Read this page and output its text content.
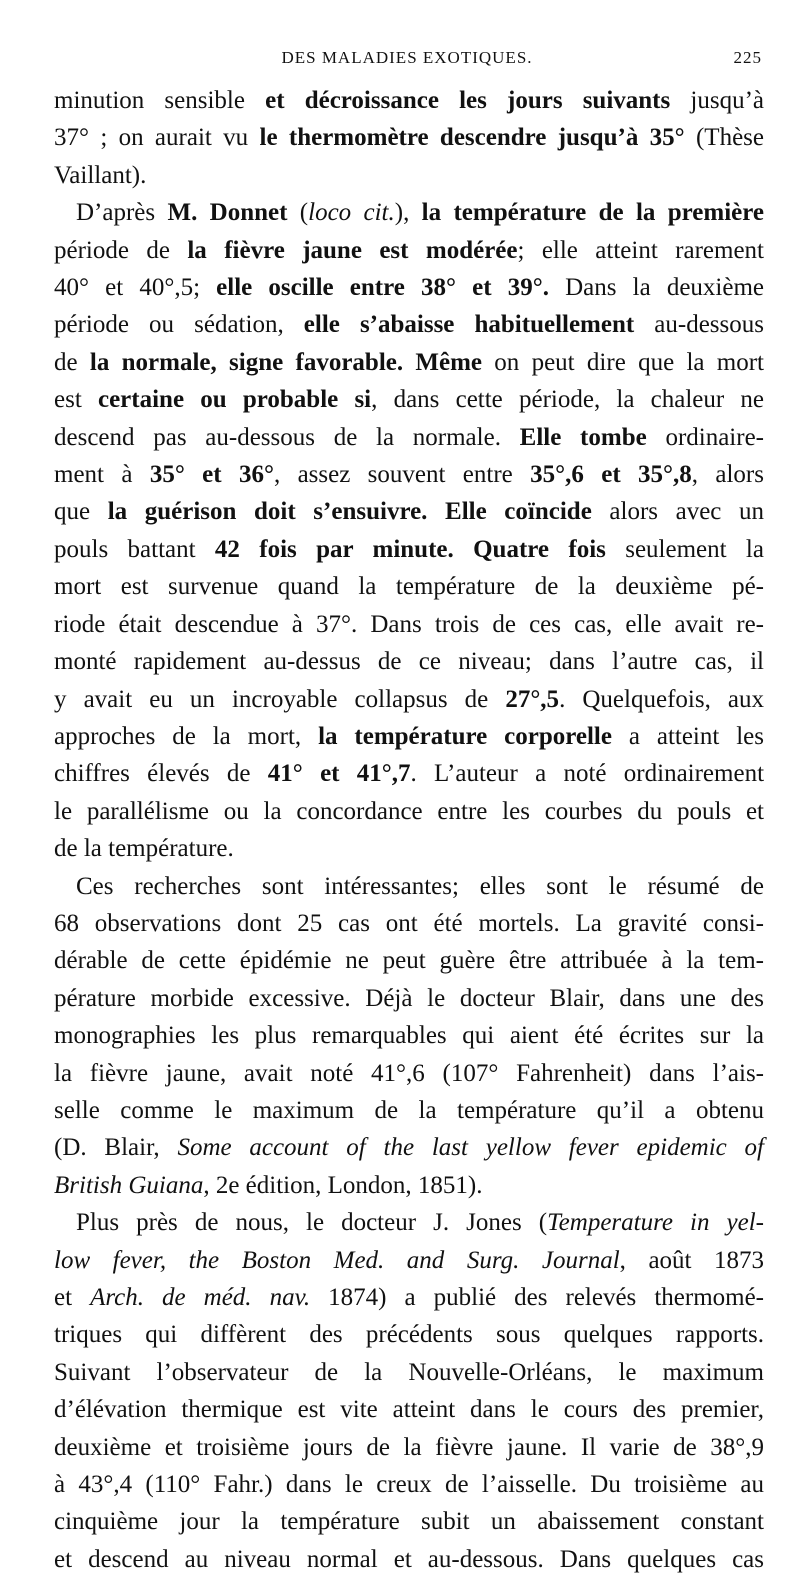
DES MALADIES EXOTIQUES.	225
minution sensible et décroissance les jours suivants jusqu’à
37° ; on aurait vu le thermomètre descendre jusqu’à 35° (Thèse
Vaillant).
D’après M. Donnet (loco cit.), la température de la première
période de la fièvre jaune est modérée; elle atteint rarement
40° et 40°,5; elle oscille entre 38° et 39°. Dans la deuxième
période ou sédation, elle s’abaisse habituellement au-dessous
de la normale, signe favorable. Même on peut dire que la mort
est certaine ou probable si, dans cette période, la chaleur ne
descend pas au-dessous de la normale. Elle tombe ordinaire-
ment à 35° et 36°, assez souvent entre 35°,6 et 35°,8, alors
que la guérison doit s’ensuivre. Elle coïncide alors avec un
pouls battant 42 fois par minute. Quatre fois seulement la
mort est survenue quand la température de la deuxième pé-
riode était descendue à 37°. Dans trois de ces cas, elle avait re-
monté rapidement au-dessus de ce niveau; dans l’autre cas, il
y avait eu un incroyable collapsus de 27°,5. Quelquefois, aux
approches de la mort, la température corporelle a atteint les
chiffres élevés de 41° et 41°,7. L’auteur a noté ordinairement
le parallélisme ou la concordance entre les courbes du pouls et
de la température.
Ces recherches sont intéressantes; elles sont le résumé de
68 observations dont 25 cas ont été mortels. La gravité consi-
dérable de cette épidémie ne peut guère être attribuée à la tem-
pérature morbide excessive. Déjà le docteur Blair, dans une des
monographies les plus remarquables qui aient été écrites sur la
la fièvre jaune, avait noté 41°,6 (107° Fahrenheit) dans l’ais-
selle comme le maximum de la température qu’il a obtenu
(D. Blair, Some account of the last yellow fever epidemic of
British Guiana, 2e édition, London, 1851).
Plus près de nous, le docteur J. Jones (Temperature in yel-
low fever, the Boston Med. and Surg. Journal, août 1873
et Arch. de méd. nav. 1874) a publié des relevés thermomé-
triques qui diffèrent des précédents sous quelques rapports.
Suivant l’observateur de la Nouvelle-Orléans, le maximum
d’élévation thermique est vite atteint dans le cours des premier,
deuxième et troisième jours de la fièvre jaune. Il varie de 38°,9
à 43°,4 (110° Fahr.) dans le creux de l’aisselle. Du troisième au
cinquième jour la température subit un abaissement constant
et descend au niveau normal et au-dessous. Dans quelques cas
